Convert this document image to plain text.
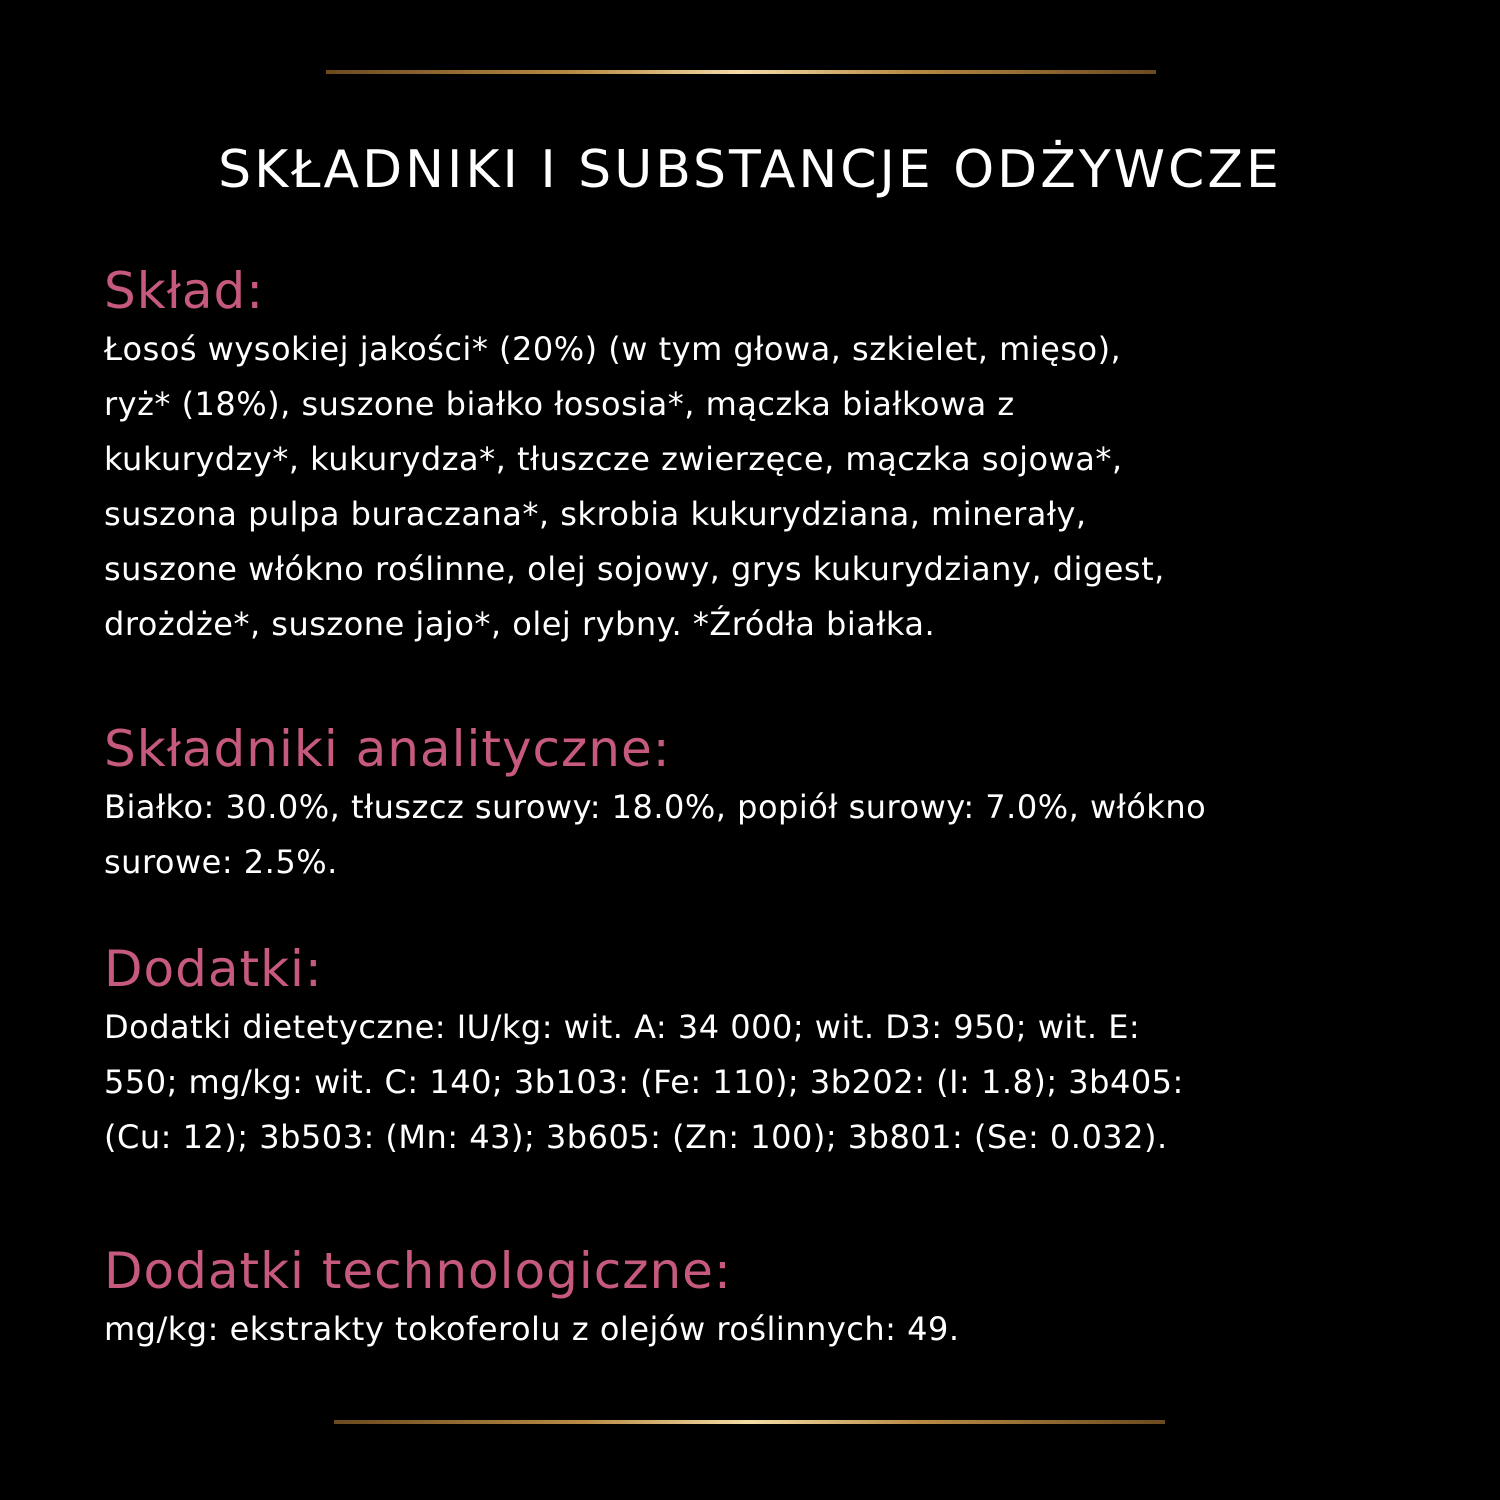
SKŁADNIKI I SUBSTANCJE ODŻYWCZE
Skład:

Łosoś wysokiej jakości* (20%) (w tym głowa, szkielet, mięso),
ryż* (18%), suszone białko łososia*, mączka białkowa z
kukurydzy*, kukurydza*, tłuszcze zwierzęce, mączka sojowa*,
suszona pulpa buraczana*, skrobia kukurydziana, minerały,
suszone włókno roślinne, olej sojowy, grys kukurydziany, digest,
drożdże*, suszone jajo*, olej rybny. *Źródła białka.

Składniki analityczne:

Białko: 30.0%, tłuszcz surowy: 18.0%, popiół surowy: 7.0%, włókno
surowe: 2.5%.

Dodatki:

Dodatki dietetyczne: IU/kg: wit. A: 34 000; wit. D3: 950; wit. E:
550; mg/kg: wit. C: 140; 3b103: (Fe: 110); 3b202: (I: 1.8); 3b405:
(Cu: 12); 3b503: (Mn: 43); 3b605: (Zn: 100); 3b801: (Se: 0.032).

Dodatki technologiczne:

mg/kg: ekstrakty tokoferolu z olejów roślinnych: 49.
